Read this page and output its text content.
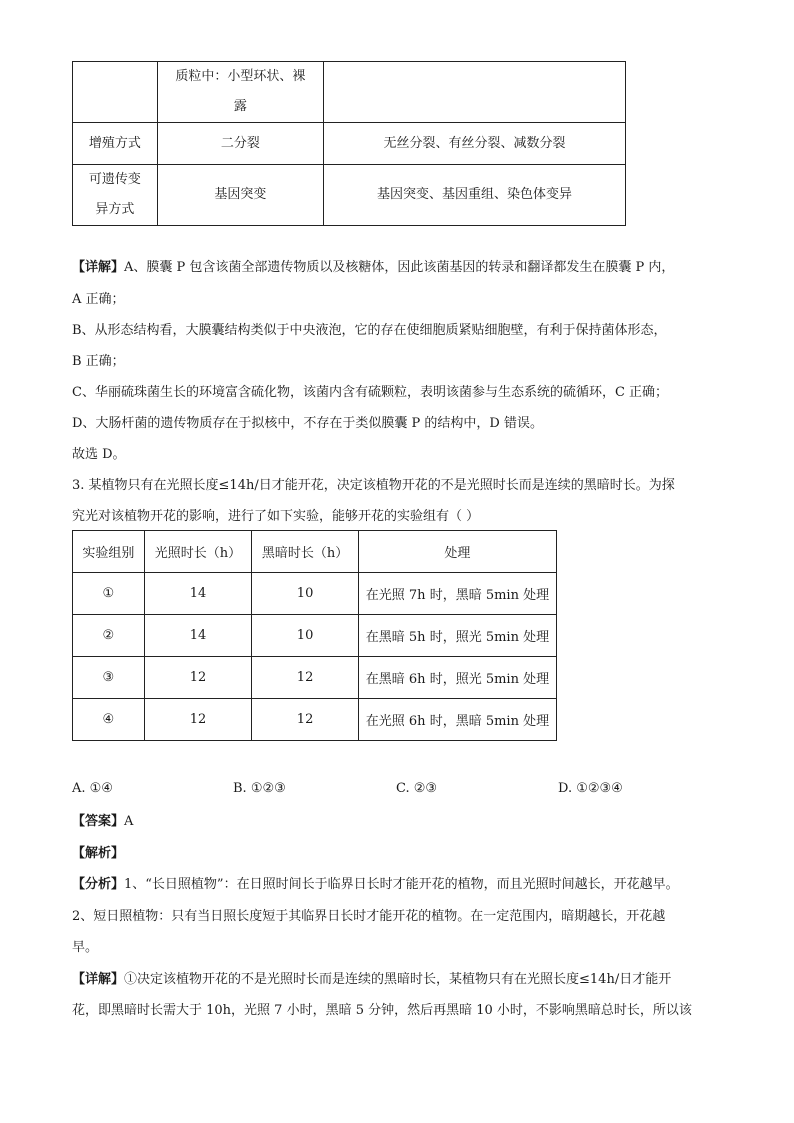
	质粒中：小型环状、裸
露	
增殖方式	二分裂	无丝分裂、有丝分裂、减数分裂
可遗传变
异方式	基因突变	基因突变、基因重组、染色体变异
【详解】A、膜囊 P 包含该菌全部遗传物质以及核糖体，因此该菌基因的转录和翻译都发生在膜囊 P 内，
A 正确；
B、从形态结构看，大膜囊结构类似于中央液泡，它的存在使细胞质紧贴细胞壁，有利于保持菌体形态，
B 正确；
C、华丽硫珠菌生长的环境富含硫化物，该菌内含有硫颗粒，表明该菌参与生态系统的硫循环，C 正确；
D、大肠杆菌的遗传物质存在于拟核中，不存在于类似膜囊 P 的结构中，D 错误。
故选 D。
3. 某植物只有在光照长度≤14h/日才能开花，决定该植物开花的不是光照时长而是连续的黑暗时长。为探
究光对该植物开花的影响，进行了如下实验，能够开花的实验组有（ ）
实验组别	光照时长（h）	黑暗时长（h）	处理
①	14	10	在光照 7h 时，黑暗 5min 处理
②	14	10	在黑暗 5h 时，照光 5min 处理
③	12	12	在黑暗 6h 时，照光 5min 处理
④	12	12	在光照 6h 时，黑暗 5min 处理
A. ①④	B. ①②③	C. ②③	D. ①②③④
【答案】A
【解析】
【分析】1、“长日照植物”：在日照时间长于临界日长时才能开花的植物，而且光照时间越长，开花越早。
2、短日照植物：只有当日照长度短于其临界日长时才能开花的植物。在一定范围内，暗期越长，开花越
早。
【详解】①决定该植物开花的不是光照时长而是连续的黑暗时长，某植物只有在光照长度≤14h/日才能开
花，即黑暗时长需大于 10h，光照 7 小时，黑暗 5 分钟，然后再黑暗 10 小时，不影响黑暗总时长，所以该
